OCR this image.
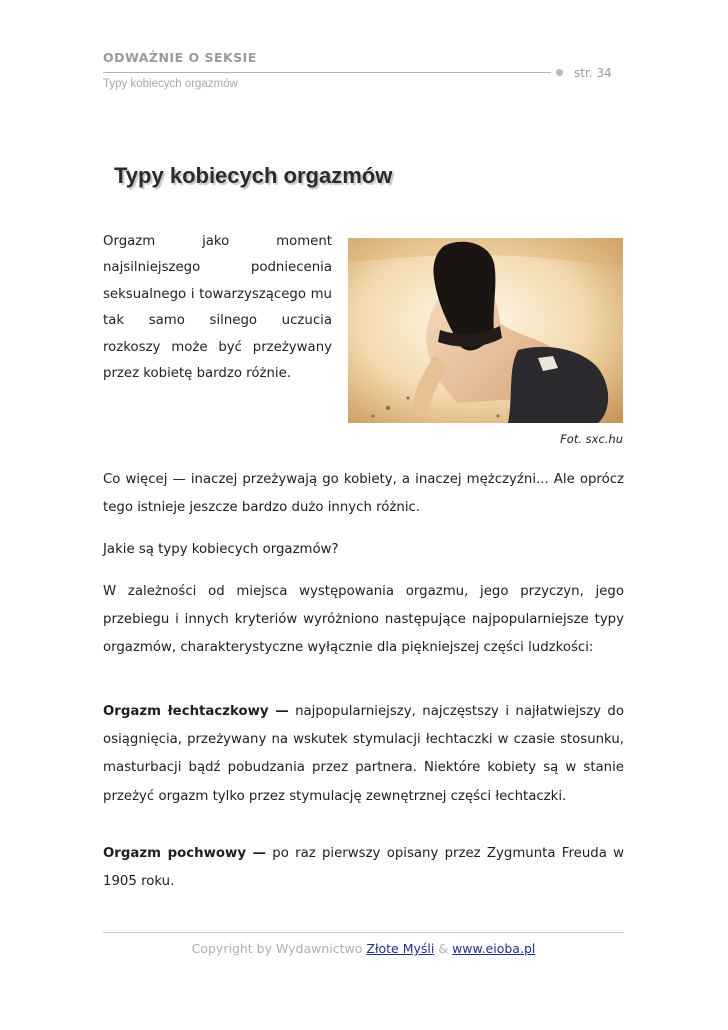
ODWAŻNIE O SEKSIE
str. 34
Typy kobiecych orgazmów
Typy kobiecych orgazmów

Orgazm jako moment najsilniejszego podniecenia seksualnego i towarzyszącego mu tak samo silnego uczucia rozkoszy może być przeżywany przez kobietę bardzo różnie.

Fot. sxc.hu

Co więcej — inaczej przeżywają go kobiety, a inaczej mężczyźni... Ale oprócz tego istnieje jeszcze bardzo dużo innych różnic.

Jakie są typy kobiecych orgazmów?

W zależności od miejsca występowania orgazmu, jego przyczyn, jego przebiegu i innych kryteriów wyróżniono następujące najpopularniejsze typy orgazmów, charakterystyczne wyłącznie dla piękniejszej części ludzkości:

Orgazm łechtaczkowy — najpopularniejszy, najczęstszy i najłatwiejszy do osiągnięcia, przeżywany na wskutek stymulacji łechtaczki w czasie stosunku, masturbacji bądź pobudzania przez partnera. Niektóre kobiety są w stanie przeżyć orgazm tylko przez stymulację zewnętrznej części łechtaczki.

Orgazm pochwowy — po raz pierwszy opisany przez Zygmunta Freuda w 1905 roku.

Copyright by Wydawnictwo Złote Myśli & www.eioba.pl
